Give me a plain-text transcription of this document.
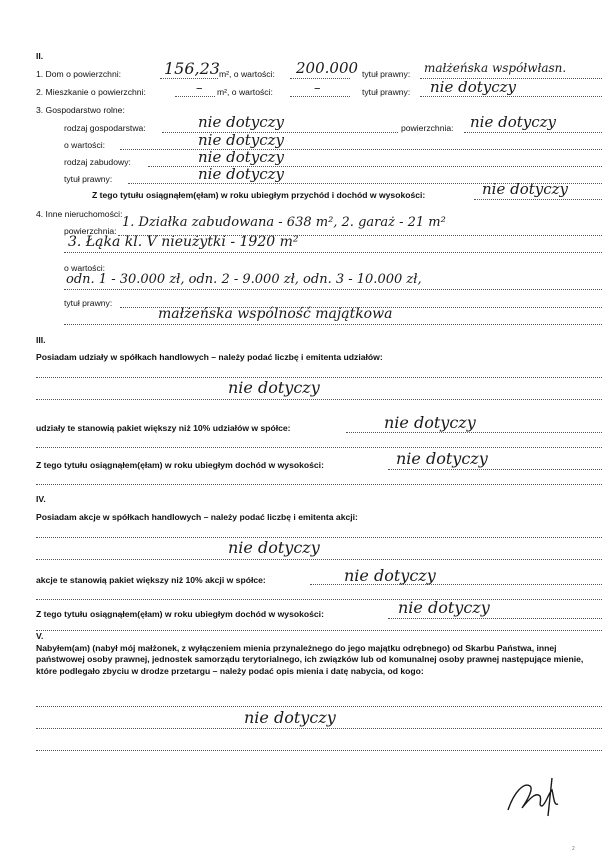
II.
1. Dom o powierzchni:	156,23 m², o wartości: 200.000 tytuł prawny: małżeńska współwłasn.
2. Mieszkanie o powierzchni:	– m², o wartości:	–	tytuł prawny: nie dotyczy
3. Gospodarstwo rolne:
rodzaj gospodarstwa:	nie dotyczy	powierzchnia: nie dotyczy
o wartości:	nie dotyczy
rodzaj zabudowy:	nie dotyczy
tytuł prawny:	nie dotyczy
Z tego tytułu osiągnąłem(ęłam) w roku ubiegłym przychód i dochód w wysokości:	nie dotyczy
4. Inne nieruchomości:
powierzchnia:
1. Działka zabudowana - 638 m², 2. garaż - 21 m²
3. Łąka kl. V nieużytki - 1920 m²
o wartości:
odn. 1 - 30.000 zł, odn. 2 - 9.000 zł, odn. 3 - 10.000 zł,
tytuł prawny:
małżeńska wspólność majątkowa
III.
Posiadam udziały w spółkach handlowych – należy podać liczbę i emitenta udziałów:
nie dotyczy
udziały te stanowią pakiet większy niż 10% udziałów w spółce:	nie dotyczy
Z tego tytułu osiągnąłem(ęłam) w roku ubiegłym dochód w wysokości:	nie dotyczy
IV.
Posiadam akcje w spółkach handlowych – należy podać liczbę i emitenta akcji:
nie dotyczy
akcje te stanowią pakiet większy niż 10% akcji w spółce:	nie dotyczy
Z tego tytułu osiągnąłem(ęłam) w roku ubiegłym dochód w wysokości:	nie dotyczy
V.
Nabyłem(am) (nabył mój małżonek, z wyłączeniem mienia przynależnego do jego majątku odrębnego) od Skarbu Państwa, innej państwowej osoby prawnej, jednostek samorządu terytorialnego, ich związków lub od komunalnej osoby prawnej następujące mienie, które podlegało zbyciu w drodze przetargu – należy podać opis mienia i datę nabycia, od kogo:
nie dotyczy
2
